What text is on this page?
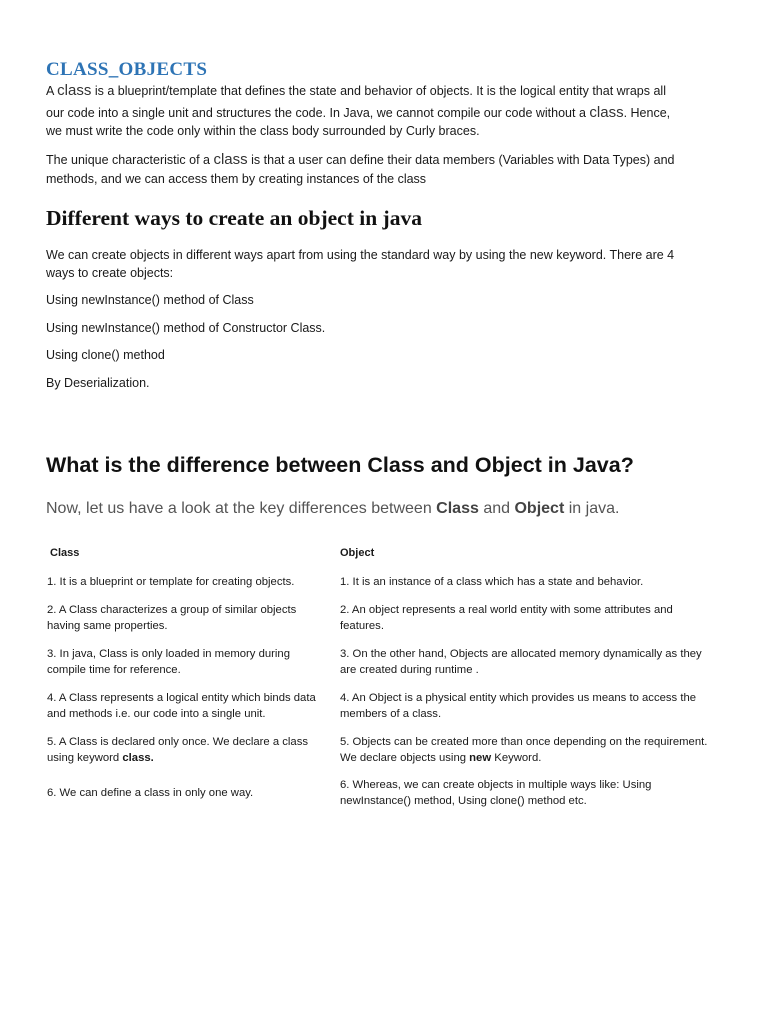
CLASS_OBJECTS
A class is a blueprint/template that defines the state and behavior of objects. It is the logical entity that wraps all
our code into a single unit and structures the code. In Java, we cannot compile our code without a class. Hence,
we must write the code only within the class body surrounded by Curly braces.
The unique characteristic of a class is that a user can define their data members (Variables with Data Types) and
methods, and we can access them by creating instances of the class
Different ways to create an object in java
We can create objects in different ways apart from using the standard way by using the new keyword. There are 4
ways to create objects:
Using newInstance() method of Class
Using newInstance() method of Constructor Class.
Using clone() method
By Deserialization.
What is the difference between Class and Object in Java?
Now, let us have a look at the key differences between Class and Object in java.
Class	Object
1. It is a blueprint or template for creating objects.	1. It is an instance of a class which has a state and behavior.
2. A Class characterizes a group of similar objects
having same properties.
2. An object represents a real world entity with some attributes and
features.
3. In java, Class is only loaded in memory during
compile time for reference.
3. On the other hand, Objects are allocated memory dynamically as they
are created during runtime .
4. A Class represents a logical entity which binds data
and methods i.e. our code into a single unit.
4. An Object is a physical entity which provides us means to access the
members of a class.
5. A Class is declared only once. We declare a class
using keyword class.
5. Objects can be created more than once depending on the requirement.
We declare objects using new Keyword.
6. We can define a class in only one way.
6. Whereas, we can create objects in multiple ways like: Using
newInstance() method, Using clone() method etc.
